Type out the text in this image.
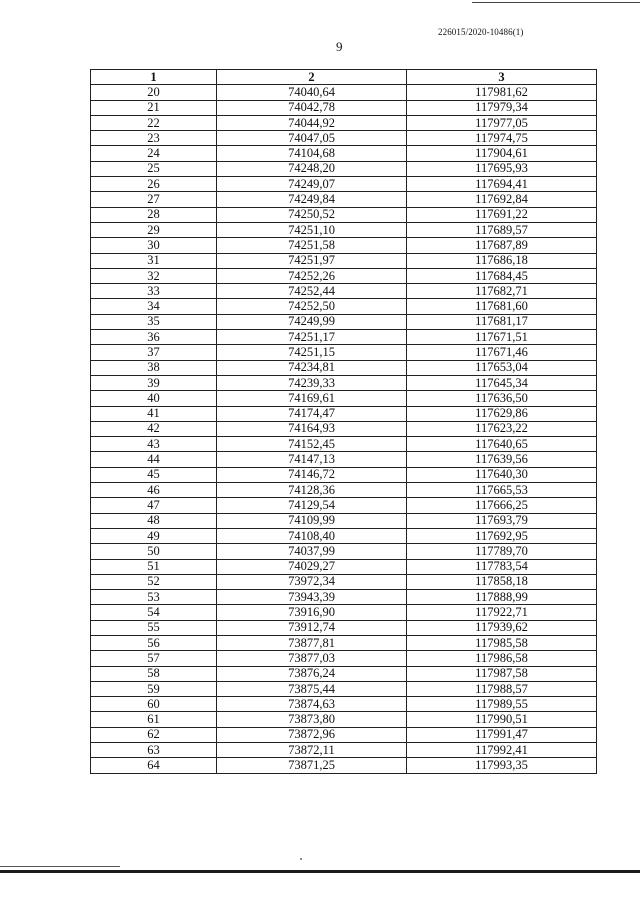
226015/2020-10486(1)
9
1	2	3
20	74040,64	117981,62
21	74042,78	117979,34
22	74044,92	117977,05
23	74047,05	117974,75
24	74104,68	117904,61
25	74248,20	117695,93
26	74249,07	117694,41
27	74249,84	117692,84
28	74250,52	117691,22
29	74251,10	117689,57
30	74251,58	117687,89
31	74251,97	117686,18
32	74252,26	117684,45
33	74252,44	117682,71
34	74252,50	117681,60
35	74249,99	117681,17
36	74251,17	117671,51
37	74251,15	117671,46
38	74234,81	117653,04
39	74239,33	117645,34
40	74169,61	117636,50
41	74174,47	117629,86
42	74164,93	117623,22
43	74152,45	117640,65
44	74147,13	117639,56
45	74146,72	117640,30
46	74128,36	117665,53
47	74129,54	117666,25
48	74109,99	117693,79
49	74108,40	117692,95
50	74037,99	117789,70
51	74029,27	117783,54
52	73972,34	117858,18
53	73943,39	117888,99
54	73916,90	117922,71
55	73912,74	117939,62
56	73877,81	117985,58
57	73877,03	117986,58
58	73876,24	117987,58
59	73875,44	117988,57
60	73874,63	117989,55
61	73873,80	117990,51
62	73872,96	117991,47
63	73872,11	117992,41
64	73871,25	117993,35
